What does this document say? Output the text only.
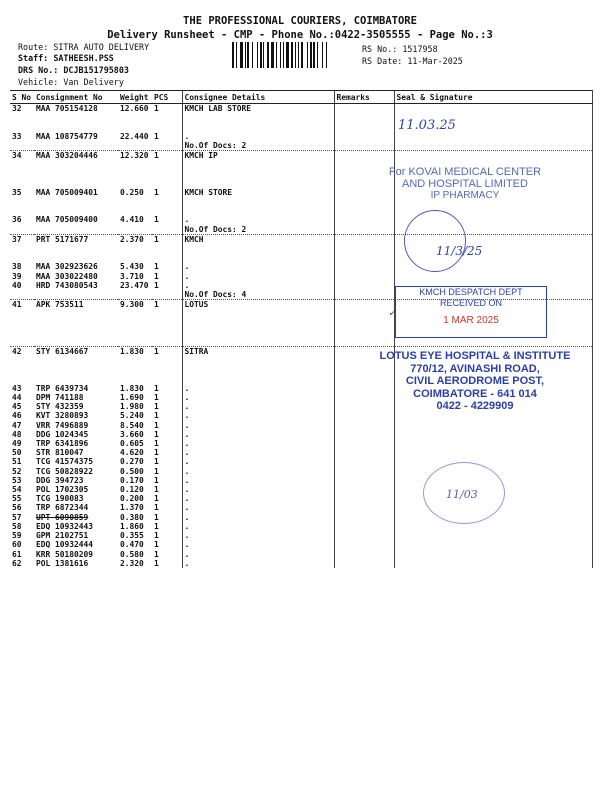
THE PROFESSIONAL COURIERS, COIMBATORE
Delivery Runsheet - CMP - Phone No.:0422-3505555 - Page No.:3
Route: SITRA AUTO DELIVERY
Staff: SATHEESH.PSS
DRS No.: DCJB151795803
Vehicle: Van Delivery
RS No.: 1517958
RS Date: 11-Mar-2025
S No	Consignment No	Weight	PCS	Consignee Details	Remarks	Seal & Signature
32	MAA 705154128	12.660	1	KMCH LAB STORE		

33	MAA 108754779	22.440	1	.		
				No.Of Docs: 2		
34	MAA 303204446	12.320	1	KMCH IP		

35	MAA 705009401	0.250	1	KMCH STORE		

36	MAA 705009400	4.410	1	.		
				No.Of Docs: 2		
37	PRT 5171677	2.370	1	KMCH		

38	MAA 302923626	5.430	1	.		
39	MAA 303022480	3.710	1	.		
40	HRD 743080543	23.470	1	.		
				No.Of Docs: 4		
41	APK 753511	9.300	1	LOTUS		

42	STY 6134667	1.830	1	SITRA		

43	TRP 6439734	1.830	1	.		
44	DPM 741188	1.690	1	.		
45	STY 432359	1.980	1	.		
46	KVT 3280893	5.240	1	.		
47	VRR 7496889	8.540	1	.		
48	DDG 1024345	3.660	1	.		
49	TRP 6341896	0.605	1	.		
50	STR 810047	4.620	1	.		
51	TCG 41574375	0.270	1	.		
52	TCG 50828922	0.500	1	.		
53	DDG 394723	0.170	1	.		
54	POL 1702305	0.120	1	.		
55	TCG 190083	0.200	1	.		
56	TRP 6872344	1.370	1	.		
57	UPT 6090859	0.380	1	.		
58	EDQ 10932443	1.860	1	.		
59	GPM 2102751	0.355	1	.		
60	EDQ 10932444	0.470	1	.		
61	KRR 50180209	0.580	1	.		
62	POL 1381616	2.320	1	.		
11.03.25
For KOVAI MEDICAL CENTER
AND HOSPITAL LIMITED
IP PHARMACY
11/3/25
KMCH DESPATCH DEPT
RECEIVED ON
1 MAR 2025
✓
LOTUS EYE HOSPITAL & INSTITUTE
770/12, AVINASHI ROAD,
CIVIL AERODROME POST,
COIMBATORE - 641 014
0422 - 4229909
11/03
